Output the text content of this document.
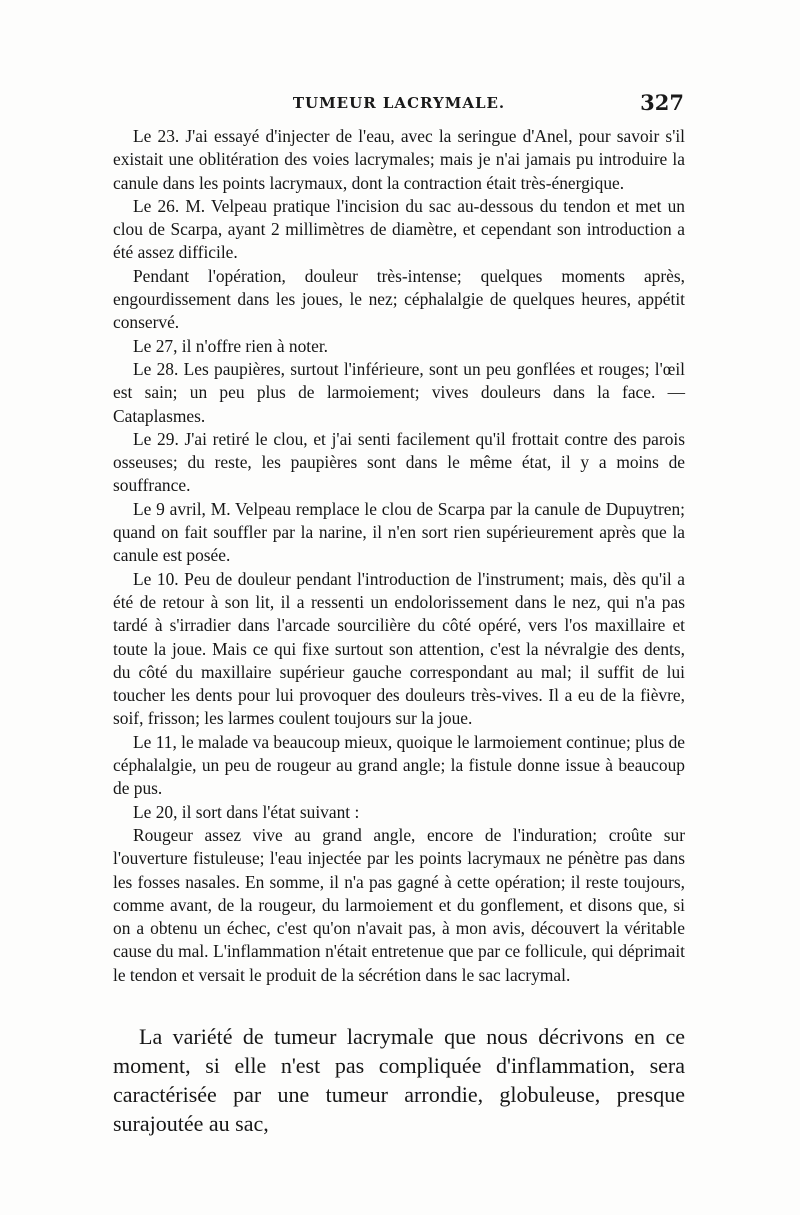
TUMEUR LACRYMALE.	327

Le 23. J'ai essayé d'injecter de l'eau, avec la seringue d'Anel, pour savoir s'il existait une oblitération des voies lacrymales; mais je n'ai jamais pu introduire la canule dans les points lacrymaux, dont la contraction était très-énergique.

Le 26. M. Velpeau pratique l'incision du sac au-dessous du tendon et met un clou de Scarpa, ayant 2 millimètres de diamètre, et cependant son introduction a été assez difficile.

Pendant l'opération, douleur très-intense; quelques moments après, engourdissement dans les joues, le nez; céphalalgie de quelques heures, appétit conservé.

Le 27, il n'offre rien à noter.

Le 28. Les paupières, surtout l'inférieure, sont un peu gonflées et rouges; l'œil est sain; un peu plus de larmoiement; vives douleurs dans la face. — Cataplasmes.

Le 29. J'ai retiré le clou, et j'ai senti facilement qu'il frottait contre des parois osseuses; du reste, les paupières sont dans le même état, il y a moins de souffrance.

Le 9 avril, M. Velpeau remplace le clou de Scarpa par la canule de Dupuytren; quand on fait souffler par la narine, il n'en sort rien supérieurement après que la canule est posée.

Le 10. Peu de douleur pendant l'introduction de l'instrument; mais, dès qu'il a été de retour à son lit, il a ressenti un endolorissement dans le nez, qui n'a pas tardé à s'irradier dans l'arcade sourcilière du côté opéré, vers l'os maxillaire et toute la joue. Mais ce qui fixe surtout son attention, c'est la névralgie des dents, du côté du maxillaire supérieur gauche correspondant au mal; il suffit de lui toucher les dents pour lui provoquer des douleurs très-vives. Il a eu de la fièvre, soif, frisson; les larmes coulent toujours sur la joue.

Le 11, le malade va beaucoup mieux, quoique le larmoiement continue; plus de céphalalgie, un peu de rougeur au grand angle; la fistule donne issue à beaucoup de pus.

Le 20, il sort dans l'état suivant :

Rougeur assez vive au grand angle, encore de l'induration; croûte sur l'ouverture fistuleuse; l'eau injectée par les points lacrymaux ne pénètre pas dans les fosses nasales. En somme, il n'a pas gagné à cette opération; il reste toujours, comme avant, de la rougeur, du larmoiement et du gonflement, et disons que, si on a obtenu un échec, c'est qu'on n'avait pas, à mon avis, découvert la véritable cause du mal. L'inflammation n'était entretenue que par ce follicule, qui déprimait le tendon et versait le produit de la sécrétion dans le sac lacrymal.

La variété de tumeur lacrymale que nous décrivons en ce moment, si elle n'est pas compliquée d'inflammation, sera caractérisée par une tumeur arrondie, globuleuse, presque surajoutée au sac,
